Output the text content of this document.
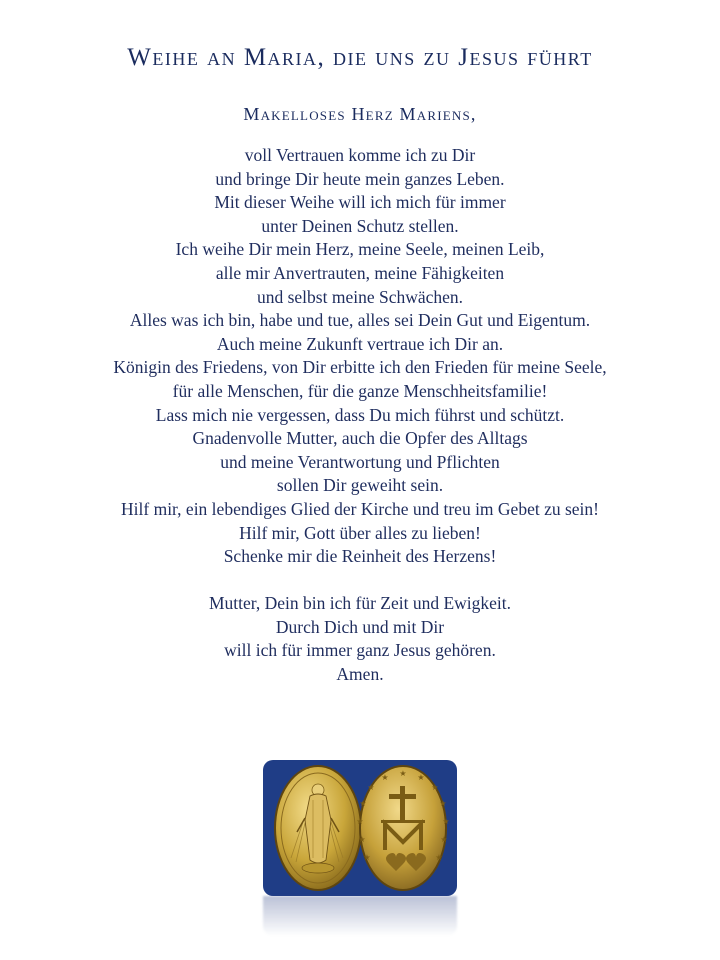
Weihe an Maria, die uns zu Jesus führt
Makelloses Herz Mariens,
voll Vertrauen komme ich zu Dir
und bringe Dir heute mein ganzes Leben.
Mit dieser Weihe will ich mich für immer
unter Deinen Schutz stellen.
Ich weihe Dir mein Herz, meine Seele, meinen Leib,
alle mir Anvertrauten, meine Fähigkeiten
und selbst meine Schwächen.
Alles was ich bin, habe und tue, alles sei Dein Gut und Eigentum.
Auch meine Zukunft vertraue ich Dir an.
Königin des Friedens, von Dir erbitte ich den Frieden für meine Seele,
für alle Menschen, für die ganze Menschheitsfamilie!
Lass mich nie vergessen, dass Du mich führst und schützt.
Gnadenvolle Mutter, auch die Opfer des Alltags
und meine Verantwortung und Pflichten
sollen Dir geweiht sein.
Hilf mir, ein lebendiges Glied der Kirche und treu im Gebet zu sein!
Hilf mir, Gott über alles zu lieben!
Schenke mir die Reinheit des Herzens!
Mutter, Dein bin ich für Zeit und Ewigkeit.
Durch Dich und mit Dir
will ich für immer ganz Jesus gehören.
Amen.
★
★	★
★	★
★	★
★	★
★	★
★	★
